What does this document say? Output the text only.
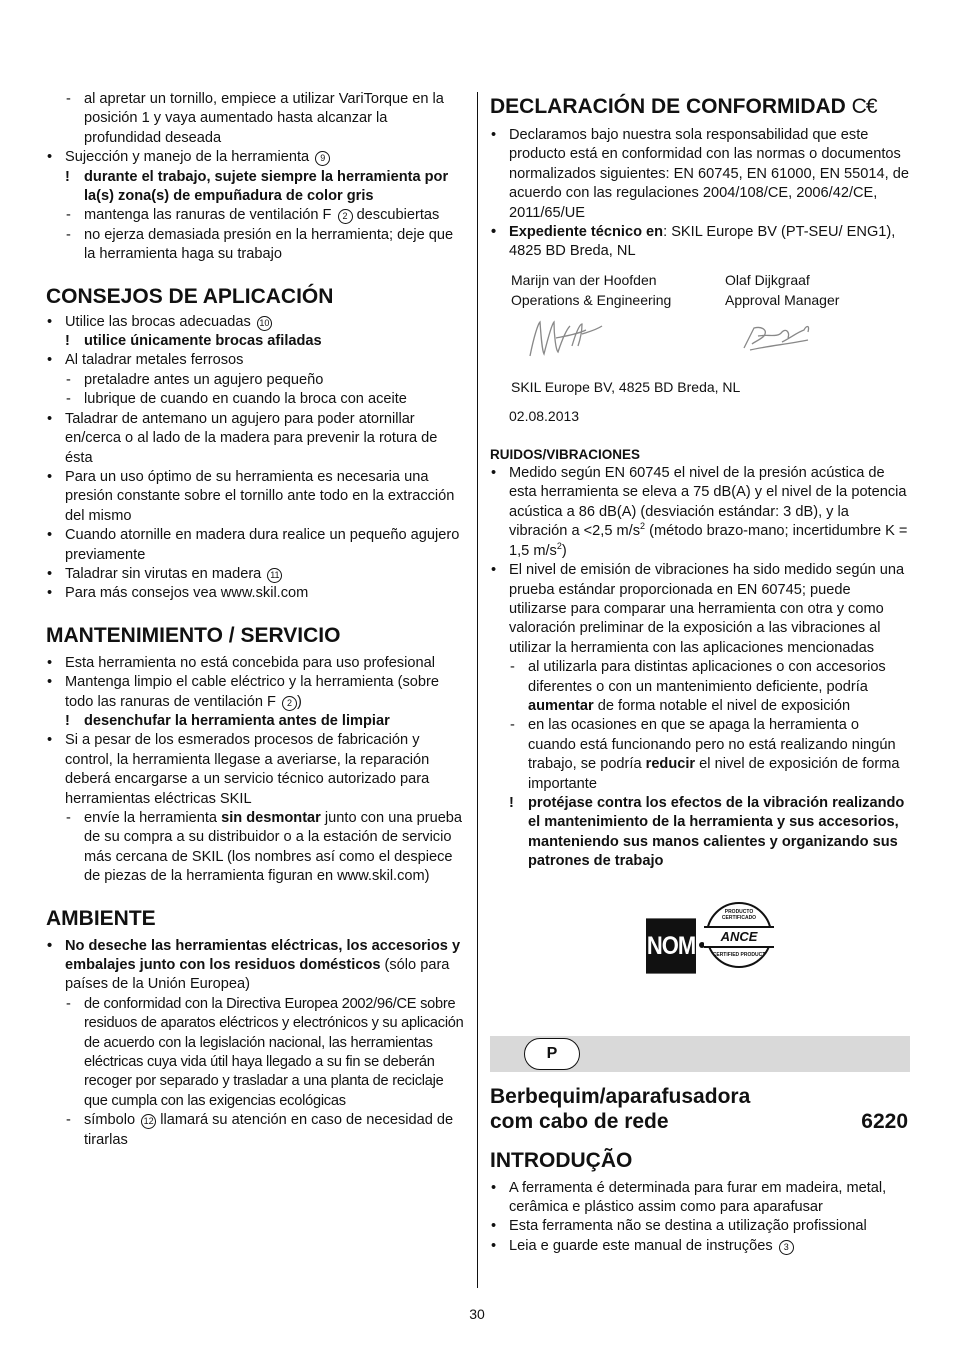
- al apretar un tornillo, empiece a utilizar VariTorque en la posición 1 y vaya aumentado hasta alcanzar la profundidad deseada
• Sujección y manejo de la herramienta 9
! durante el trabajo, sujete siempre la herramienta por la(s) zona(s) de empuñadura de color gris
- mantenga las ranuras de ventilación F 2 descubiertas
- no ejerza demasiada presión en la herramienta; deje que la herramienta haga su trabajo
CONSEJOS DE APLICACIÓN
• Utilice las brocas adecuadas 10
! utilice únicamente brocas afiladas
• Al taladrar metales ferrosos
- pretaladre antes un agujero pequeño
- lubrique de cuando en cuando la broca con aceite
• Taladrar de antemano un agujero para poder atornillar en/cerca o al lado de la madera para prevenir la rotura de ésta
• Para un uso óptimo de su herramienta es necesaria una presión constante sobre el tornillo ante todo en la extracción del mismo
• Cuando atornille en madera dura realice un pequeño agujero previamente
• Taladrar sin virutas en madera 11
• Para más consejos vea www.skil.com
MANTENIMIENTO / SERVICIO
• Esta herramienta no está concebida para uso profesional
• Mantenga limpio el cable eléctrico y la herramienta (sobre todo las ranuras de ventilación F 2 )
! desenchufar la herramienta antes de limpiar
• Si a pesar de los esmerados procesos de fabricación y control, la herramienta llegase a averiarse, la reparación deberá encargarse a un servicio técnico autorizado para herramientas eléctricas SKIL
- envíe la herramienta sin desmontar junto con una prueba de su compra a su distribuidor o a la estación de servicio más cercana de SKIL (los nombres así como el despiece de piezas de la herramienta figuran en www.skil.com)
AMBIENTE
• No deseche las herramientas eléctricas, los accesorios y embalajes junto con los residuos domésticos (sólo para países de la Unión Europea)
- de conformidad con la Directiva Europea 2002/96/CE sobre residuos de aparatos eléctricos y electrónicos y su aplicación de acuerdo con la legislación nacional, las herramientas eléctricas cuya vida útil haya llegado a su fin se deberán recoger por separado y trasladar a una planta de reciclaje que cumpla con las exigencias ecológicas
- símbolo 12 llamará su atención en caso de necesidad de tirarlas
DECLARACIÓN DE CONFORMIDAD C€
• Declaramos bajo nuestra sola responsabilidad que este producto está en conformidad con las normas o documentos normalizados siguientes: EN 60745, EN 61000, EN 55014, de acuerdo con las regulaciones 2004/108/CE, 2006/42/CE, 2011/65/UE
• Expediente técnico en: SKIL Europe BV (PT-SEU/ ENG1), 4825 BD Breda, NL
Marijn van der Hoofden
Operations & Engineering
Olaf Dijkgraaf
Approval Manager
SKIL Europe BV, 4825 BD Breda, NL
02.08.2013
RUIDOS/VIBRACIONES
• Medido según EN 60745 el nivel de la presión acústica de esta herramienta se eleva a 75 dB(A) y el nivel de la potencia acústica a 86 dB(A) (desviación estándar: 3 dB), y la vibración a <2,5 $m/s^2$ (método brazo-mano; incertidumbre K = 1,5 $m/s^2$)
• El nivel de emisión de vibraciones ha sido medido según una prueba estándar proporcionada en EN 60745; puede utilizarse para comparar una herramienta con otra y como valoración preliminar de la exposición a las vibraciones al utilizar la herramienta con las aplicaciones mencionadas
- al utilizarla para distintas aplicaciones o con accesorios diferentes o con un mantenimiento deficiente, podría aumentar de forma notable el nivel de exposición
- en las ocasiones en que se apaga la herramienta o cuando está funcionando pero no está realizando ningún trabajo, se podría reducir el nivel de exposición de forma importante
! protéjase contra los efectos de la vibración realizando el mantenimiento de la herramienta y sus accesorios, manteniendo sus manos calientes y organizando sus patrones de trabajo
NOM
PRODUCTO CERTIFICADO
ANCE
CERTIFIED PRODUCT
P
Berbequim/aparafusadora
com cabo de rede	6220
INTRODUÇÃO
• A ferramenta é determinada para furar em madeira, metal, cerâmica e plástico assim como para aparafusar
• Esta ferramenta não se destina a utilização profissional
• Leia e guarde este manual de instruções 3
30
